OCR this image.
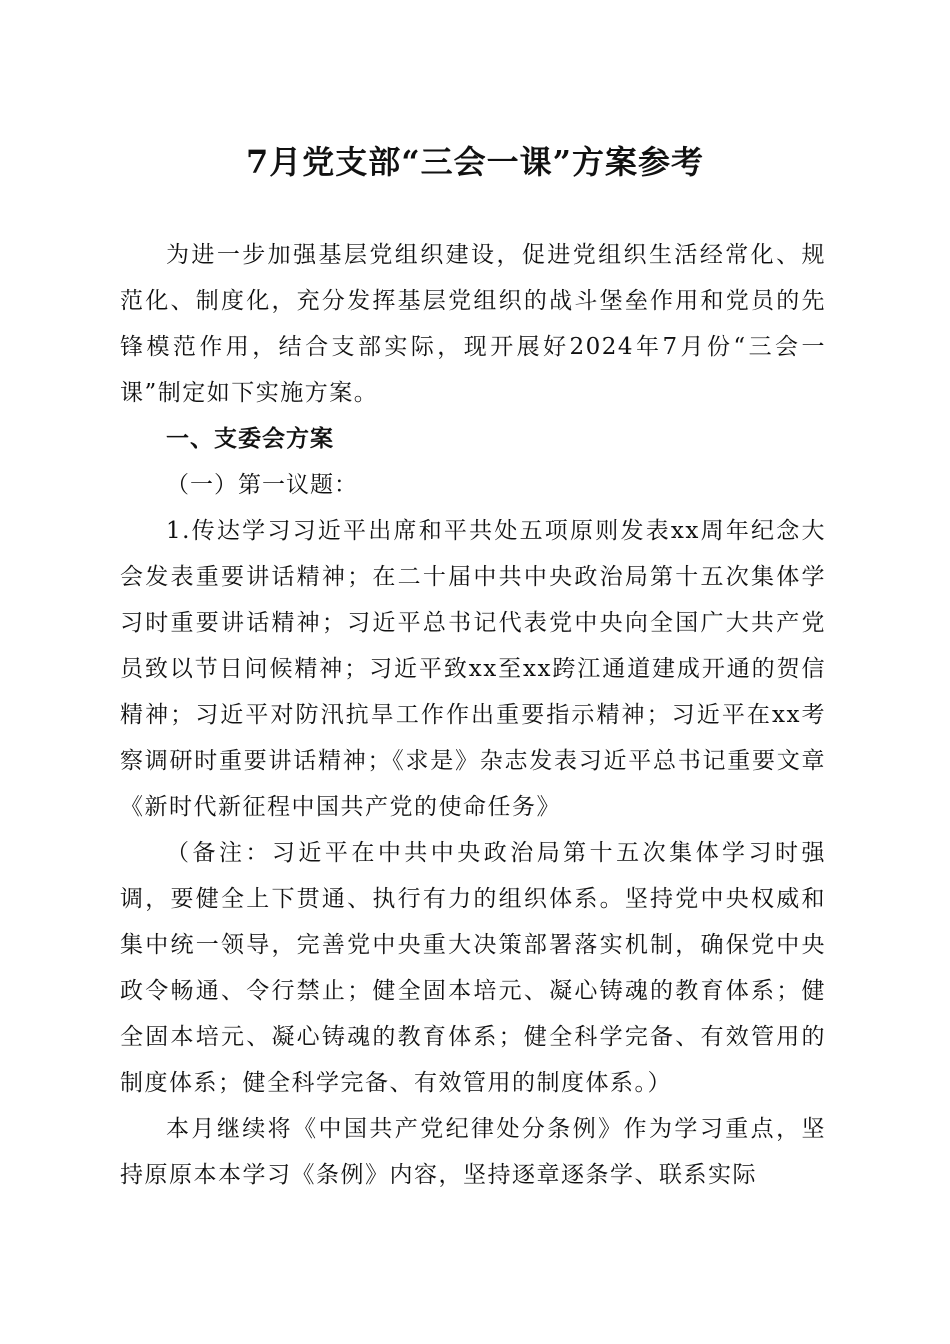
7月党支部“三会一课”方案参考

为进一步加强基层党组织建设，促进党组织生活经常化、规范化、制度化，充分发挥基层党组织的战斗堡垒作用和党员的先锋模范作用，结合支部实际，现开展好2024年7月份“三会一课”制定如下实施方案。

一、支委会方案

（一）第一议题：

1.传达学习习近平出席和平共处五项原则发表xx周年纪念大会发表重要讲话精神；在二十届中共中央政治局第十五次集体学习时重要讲话精神；习近平总书记代表党中央向全国广大共产党员致以节日问候精神；习近平致xx至xx跨江通道建成开通的贺信精神；习近平对防汛抗旱工作作出重要指示精神；习近平在xx考察调研时重要讲话精神；《求是》杂志发表习近平总书记重要文章《新时代新征程中国共产党的使命任务》

（备注：习近平在中共中央政治局第十五次集体学习时强调，要健全上下贯通、执行有力的组织体系。坚持党中央权威和集中统一领导，完善党中央重大决策部署落实机制，确保党中央政令畅通、令行禁止；健全固本培元、凝心铸魂的教育体系；健全固本培元、凝心铸魂的教育体系；健全科学完备、有效管用的制度体系；健全科学完备、有效管用的制度体系。）

本月继续将《中国共产党纪律处分条例》作为学习重点，坚持原原本本学习《条例》内容，坚持逐章逐条学、联系实际
